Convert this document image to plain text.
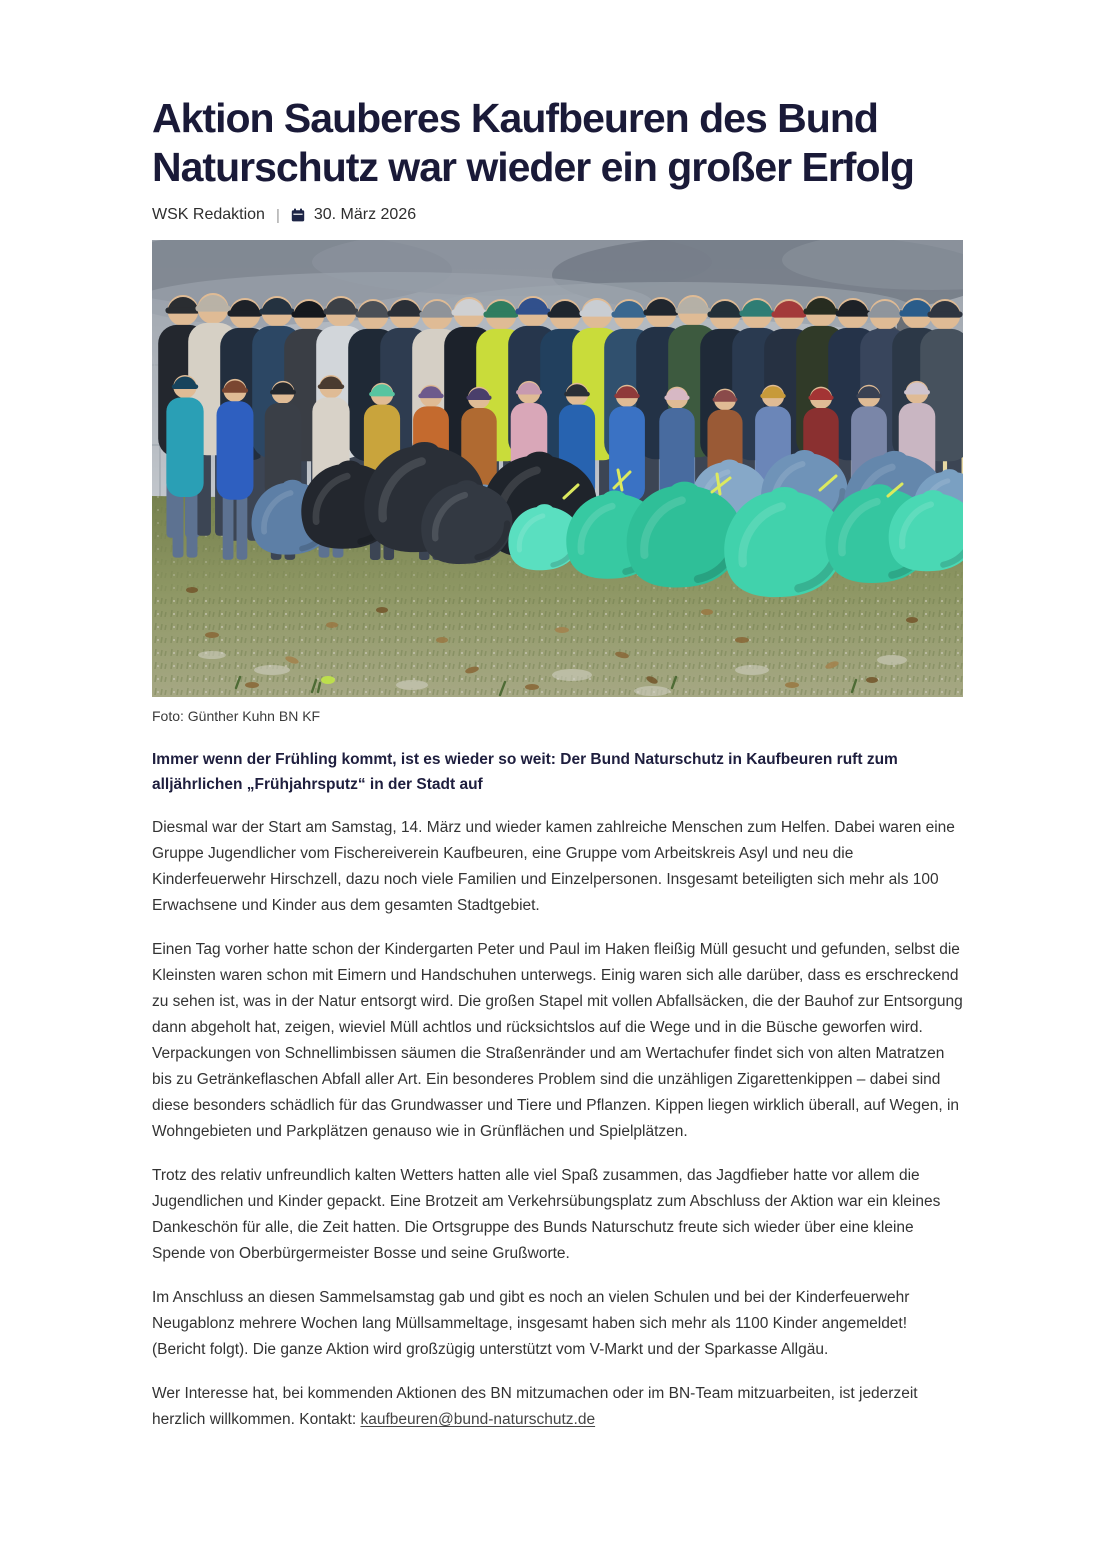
Aktion Sauberes Kaufbeuren des Bund Naturschutz war wieder ein großer Erfolg
WSK Redaktion | 30. März 2026
Foto: Günther Kuhn BN KF

Immer wenn der Frühling kommt, ist es wieder so weit: Der Bund Naturschutz in Kaufbeuren ruft zum alljährlichen „Frühjahrsputz“ in der Stadt auf

Diesmal war der Start am Samstag, 14. März und wieder kamen zahlreiche Menschen zum Helfen. Dabei waren eine Gruppe Jugendlicher vom Fischereiverein Kaufbeuren, eine Gruppe vom Arbeitskreis Asyl und neu die Kinderfeuerwehr Hirschzell, dazu noch viele Familien und Einzelpersonen. Insgesamt beteiligten sich mehr als 100 Erwachsene und Kinder aus dem gesamten Stadtgebiet.

Einen Tag vorher hatte schon der Kindergarten Peter und Paul im Haken fleißig Müll gesucht und gefunden, selbst die Kleinsten waren schon mit Eimern und Handschuhen unterwegs. Einig waren sich alle darüber, dass es erschreckend zu sehen ist, was in der Natur entsorgt wird. Die großen Stapel mit vollen Abfallsäcken, die der Bauhof zur Entsorgung dann abgeholt hat, zeigen, wieviel Müll achtlos und rücksichtslos auf die Wege und in die Büsche geworfen wird. Verpackungen von Schnellimbissen säumen die Straßenränder und am Wertachufer findet sich von alten Matratzen bis zu Getränkeflaschen Abfall aller Art. Ein besonderes Problem sind die unzähligen Zigarettenkippen – dabei sind diese besonders schädlich für das Grundwasser und Tiere und Pflanzen. Kippen liegen wirklich überall, auf Wegen, in Wohngebieten und Parkplätzen genauso wie in Grünflächen und Spielplätzen.

Trotz des relativ unfreundlich kalten Wetters hatten alle viel Spaß zusammen, das Jagdfieber hatte vor allem die Jugendlichen und Kinder gepackt. Eine Brotzeit am Verkehrsübungsplatz zum Abschluss der Aktion war ein kleines Dankeschön für alle, die Zeit hatten. Die Ortsgruppe des Bunds Naturschutz freute sich wieder über eine kleine Spende von Oberbürgermeister Bosse und seine Grußworte.

Im Anschluss an diesen Sammelsamstag gab und gibt es noch an vielen Schulen und bei der Kinderfeuerwehr Neugablonz mehrere Wochen lang Müllsammeltage, insgesamt haben sich mehr als 1100 Kinder angemeldet! (Bericht folgt). Die ganze Aktion wird großzügig unterstützt vom V-Markt und der Sparkasse Allgäu.

Wer Interesse hat, bei kommenden Aktionen des BN mitzumachen oder im BN-Team mitzuarbeiten, ist jederzeit herzlich willkommen. Kontakt: kaufbeuren@bund-naturschutz.de
